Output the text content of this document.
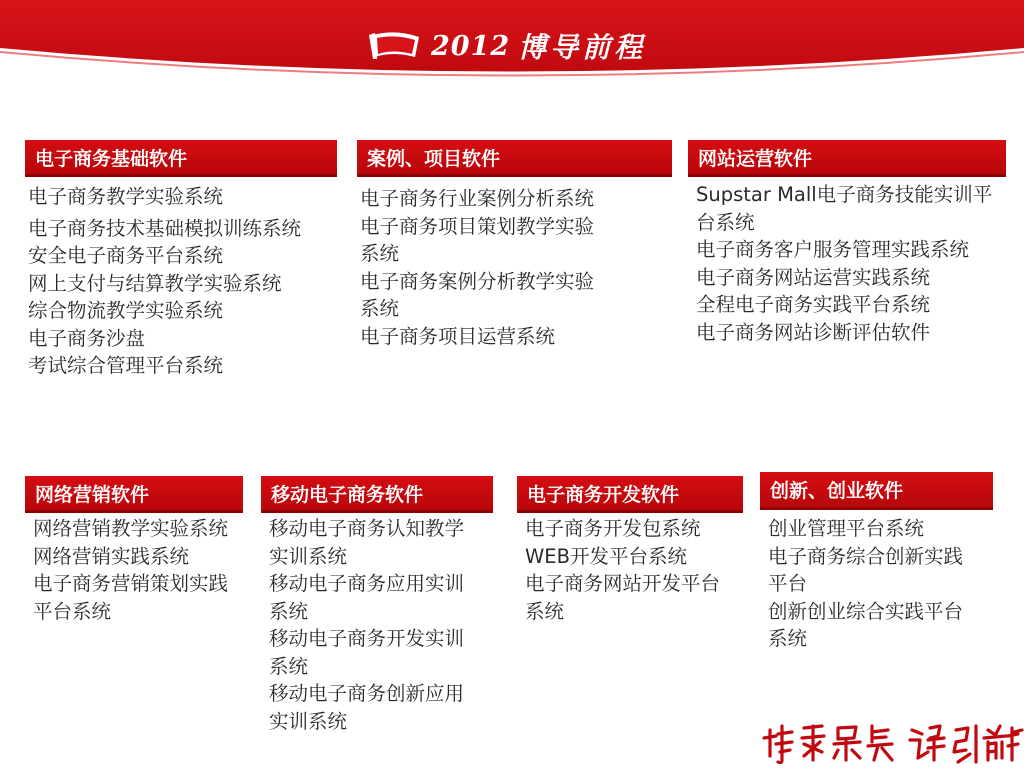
2012 博导前程
电子商务基础软件
电子商务教学实验系统
电子商务技术基础模拟训练系统
安全电子商务平台系统
网上支付与结算教学实验系统
综合物流教学实验系统
电子商务沙盘
考试综合管理平台系统
案例、项目软件
电子商务行业案例分析系统
电子商务项目策划教学实验系统
电子商务案例分析教学实验系统
电子商务项目运营系统
网站运营软件
Supstar Mall电子商务技能实训平台系统
电子商务客户服务管理实践系统
电子商务网站运营实践系统
全程电子商务实践平台系统
电子商务网站诊断评估软件
网络营销软件
网络营销教学实验系统
网络营销实践系统
电子商务营销策划实践平台系统
移动电子商务软件
移动电子商务认知教学实训系统
移动电子商务应用实训系统
移动电子商务开发实训系统
移动电子商务创新应用实训系统
电子商务开发软件
电子商务开发包系统
WEB开发平台系统
电子商务网站开发平台系统
创新、创业软件
创业管理平台系统
电子商务综合创新实践平台
创新创业综合实践平台系统
